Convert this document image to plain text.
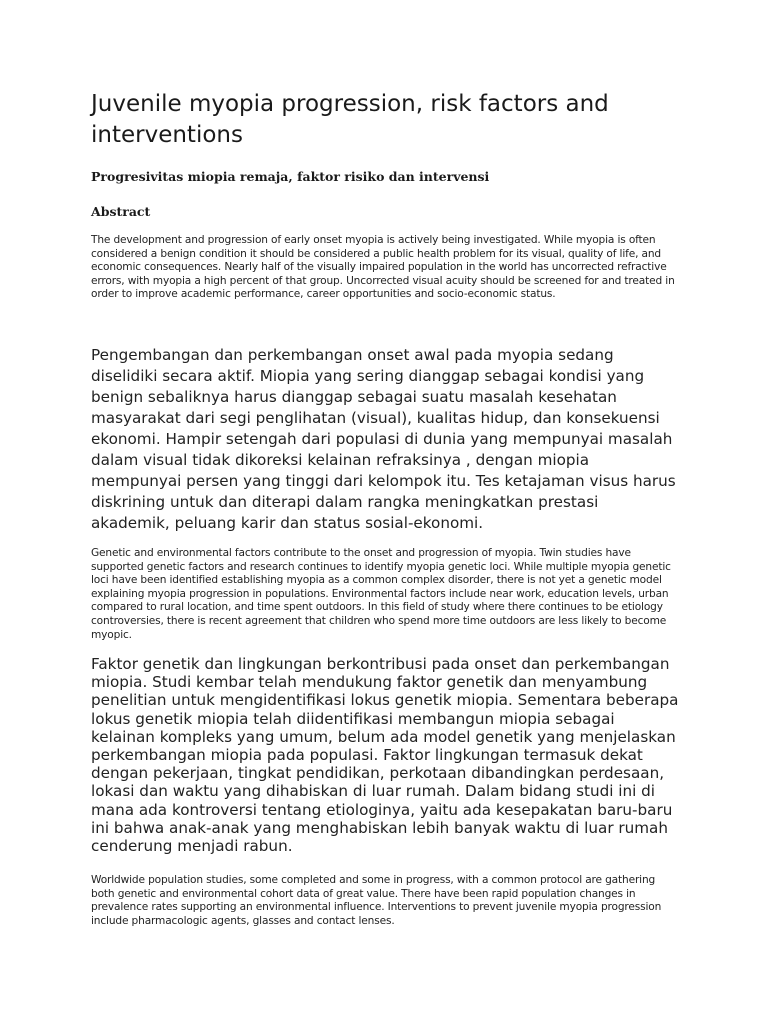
Juvenile myopia progression, risk factors and interventions
Progresivitas miopia remaja, faktor risiko dan intervensi
Abstract

The development and progression of early onset myopia is actively being investigated. While myopia is often considered a benign condition it should be considered a public health problem for its visual, quality of life, and economic consequences. Nearly half of the visually impaired population in the world has uncorrected refractive errors, with myopia a high percent of that group. Uncorrected visual acuity should be screened for and treated in order to improve academic performance, career opportunities and socio-economic status.

Pengembangan dan perkembangan onset awal pada myopia sedang diselidiki secara aktif. Miopia yang sering dianggap sebagai kondisi yang benign sebaliknya harus dianggap sebagai suatu masalah kesehatan masyarakat dari segi penglihatan (visual), kualitas hidup, dan konsekuensi ekonomi. Hampir setengah dari populasi di dunia yang mempunyai masalah dalam visual tidak dikoreksi kelainan refraksinya , dengan miopia mempunyai persen yang tinggi dari kelompok itu. Tes ketajaman visus harus diskrining untuk dan diterapi dalam rangka meningkatkan prestasi akademik, peluang karir dan status sosial-ekonomi.

Genetic and environmental factors contribute to the onset and progression of myopia. Twin studies have supported genetic factors and research continues to identify myopia genetic loci. While multiple myopia genetic loci have been identified establishing myopia as a common complex disorder, there is not yet a genetic model explaining myopia progression in populations. Environmental factors include near work, education levels, urban compared to rural location, and time spent outdoors. In this field of study where there continues to be etiology controversies, there is recent agreement that children who spend more time outdoors are less likely to become myopic.

Faktor genetik dan lingkungan berkontribusi pada onset dan perkembangan miopia. Studi kembar telah mendukung faktor genetik dan menyambung penelitian untuk mengidentifikasi lokus genetik miopia. Sementara beberapa lokus genetik miopia telah diidentifikasi membangun miopia sebagai kelainan kompleks yang umum, belum ada model genetik yang menjelaskan perkembangan miopia pada populasi. Faktor lingkungan termasuk dekat dengan pekerjaan, tingkat pendidikan, perkotaan dibandingkan perdesaan, lokasi dan waktu yang dihabiskan di luar rumah. Dalam bidang studi ini di mana ada kontroversi tentang etiologinya, yaitu ada kesepakatan baru-baru ini bahwa anak-anak yang menghabiskan lebih banyak waktu di luar rumah cenderung menjadi rabun.

Worldwide population studies, some completed and some in progress, with a common protocol are gathering both genetic and environmental cohort data of great value. There have been rapid population changes in prevalence rates supporting an environmental influence. Interventions to prevent juvenile myopia progression include pharmacologic agents, glasses and contact lenses.
